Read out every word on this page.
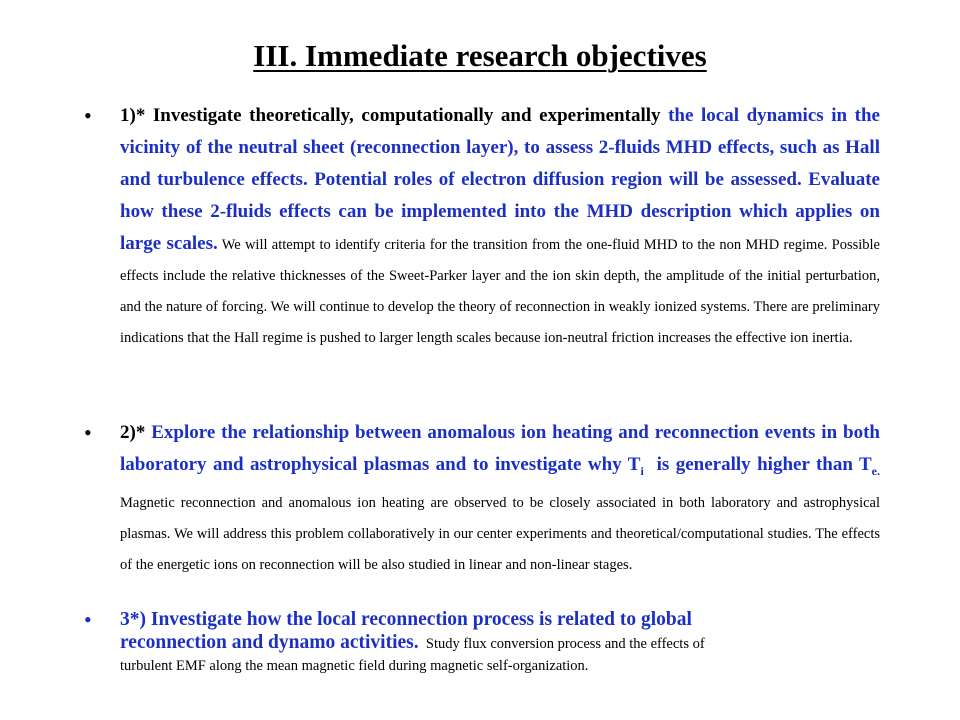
III. Immediate research objectives
• 1)* Investigate theoretically, computationally and experimentally the local dynamics in the vicinity of the neutral sheet (reconnection layer), to assess 2-fluids MHD effects, such as Hall and turbulence effects. Potential roles of electron diffusion region will be assessed. Evaluate how these 2-fluids effects can be implemented into the MHD description which applies on large scales. We will attempt to identify criteria for the transition from the one-fluid MHD to the non MHD regime. Possible effects include the relative thicknesses of the Sweet-Parker layer and the ion skin depth, the amplitude of the initial perturbation, and the nature of forcing. We will continue to develop the theory of reconnection in weakly ionized systems. There are preliminary indications that the Hall regime is pushed to larger length scales because ion-neutral friction increases the effective ion inertia.
• 2)* Explore the relationship between anomalous ion heating and reconnection events in both laboratory and astrophysical plasmas and to investigate why $T_i$  is generally higher than $T_{e.}$ Magnetic reconnection and anomalous ion heating are observed to be closely associated in both laboratory and astrophysical plasmas. We will address this problem collaboratively in our center experiments and theoretical/computational studies. The effects of the energetic ions on reconnection will be also studied in linear and non-linear stages.
• 3*) Investigate how the local reconnection process is related to global
reconnection and dynamo activities.  Study flux conversion process and the effects of
turbulent EMF along the mean magnetic field during magnetic self-organization.
